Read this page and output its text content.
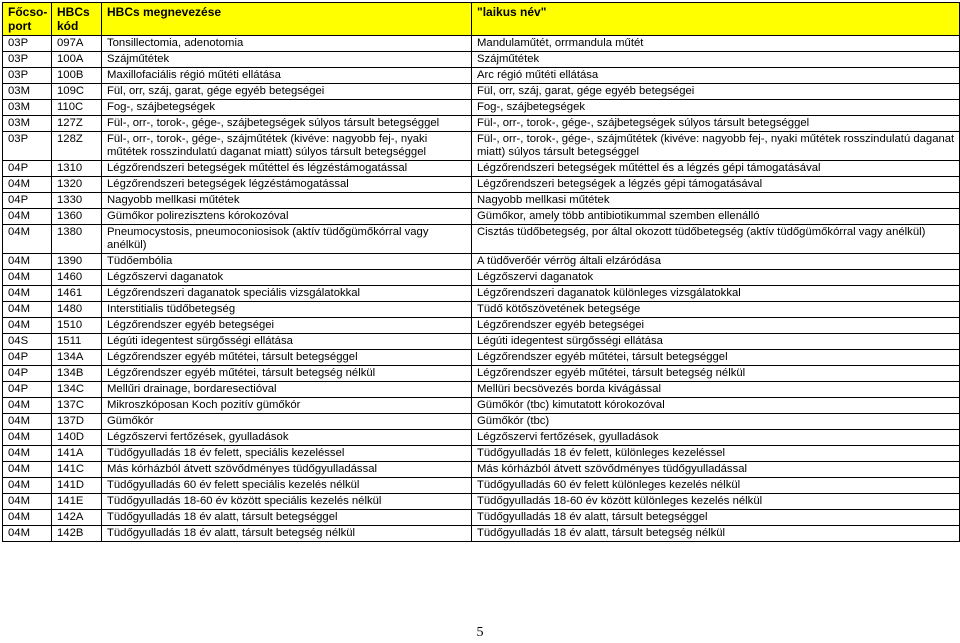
Főcso-port	HBCs kód	HBCs megnevezése	"laikus név"
03P	097A	Tonsillectomia, adenotomia	Mandulaműtét, orrmandula műtét
03P	100A	Szájműtétek	Szájműtétek
03P	100B	Maxillofaciális régió műtéti ellátása	Arc régió műtéti ellátása
03M	109C	Fül, orr, száj, garat, gége egyéb betegségei	Fül, orr, száj, garat, gége egyéb betegségei
03M	110C	Fog-, szájbetegségek	Fog-, szájbetegségek
03M	127Z	Fül-, orr-, torok-, gége-, szájbetegségek súlyos társult betegséggel	Fül-, orr-, torok-, gége-, szájbetegségek súlyos társult betegséggel
03P	128Z	Fül-, orr-, torok-, gége-, szájműtétek (kivéve: nagyobb fej-, nyaki műtétek rosszindulatú daganat miatt) súlyos társult betegséggel	Fül-, orr-, torok-, gége-, szájműtétek (kivéve: nagyobb fej-, nyaki műtétek rosszindulatú daganat miatt) súlyos társult betegséggel
04P	1310	Légzőrendszeri betegségek műtéttel és légzéstámogatással	Légzőrendszeri betegségek műtéttel és a légzés gépi támogatásával
04M	1320	Légzőrendszeri betegségek légzéstámogatással	Légzőrendszeri betegségek a légzés gépi támogatásával
04P	1330	Nagyobb mellkasi műtétek	Nagyobb mellkasi műtétek
04M	1360	Gümőkor polirezisztens kórokozóval	Gümőkor, amely több antibiotikummal szemben ellenálló
04M	1380	Pneumocystosis, pneumoconiosisok (aktív tüdőgümőkórral vagy anélkül)	Cisztás tüdőbetegség, por által okozott tüdőbetegség (aktív tüdőgümőkórral vagy anélkül)
04M	1390	Tüdőembólia	A tüdőverőér vérrög általi elzáródása
04M	1460	Légzőszervi daganatok	Légzőszervi daganatok
04M	1461	Légzőrendszeri daganatok speciális vizsgálatokkal	Légzőrendszeri daganatok különleges vizsgálatokkal
04M	1480	Interstitialis tüdőbetegség	Tüdő kötőszövetének betegsége
04M	1510	Légzőrendszer egyéb betegségei	Légzőrendszer egyéb betegségei
04S	1511	Légúti idegentest sürgősségi ellátása	Légúti idegentest sürgősségi ellátása
04P	134A	Légzőrendszer egyéb műtétei, társult betegséggel	Légzőrendszer egyéb műtétei, társult betegséggel
04P	134B	Légzőrendszer egyéb műtétei, társult betegség nélkül	Légzőrendszer egyéb műtétei, társult betegség nélkül
04P	134C	Mellűri drainage, bordaresectióval	Mellüri becsövezés borda kivágással
04M	137C	Mikroszkóposan Koch pozitív gümőkór	Gümőkór (tbc) kimutatott kórokozóval
04M	137D	Gümőkór	Gümőkór (tbc)
04M	140D	Légzőszervi fertőzések, gyulladások	Légzőszervi fertőzések, gyulladások
04M	141A	Tüdőgyulladás 18 év felett, speciális kezeléssel	Tüdőgyulladás 18 év felett, különleges kezeléssel
04M	141C	Más kórházból átvett szövődményes tüdőgyulladással	Más kórházból átvett szövődményes tüdőgyulladással
04M	141D	Tüdőgyulladás 60 év felett speciális kezelés nélkül	Tüdőgyulladás 60 év felett különleges kezelés nélkül
04M	141E	Tüdőgyulladás 18-60 év között speciális kezelés nélkül	Tüdőgyulladás 18-60 év között különleges kezelés nélkül
04M	142A	Tüdőgyulladás 18 év alatt, társult betegséggel	Tüdőgyulladás 18 év alatt, társult betegséggel
04M	142B	Tüdőgyulladás 18 év alatt, társult betegség nélkül	Tüdőgyulladás 18 év alatt, társult betegség nélkül
5
